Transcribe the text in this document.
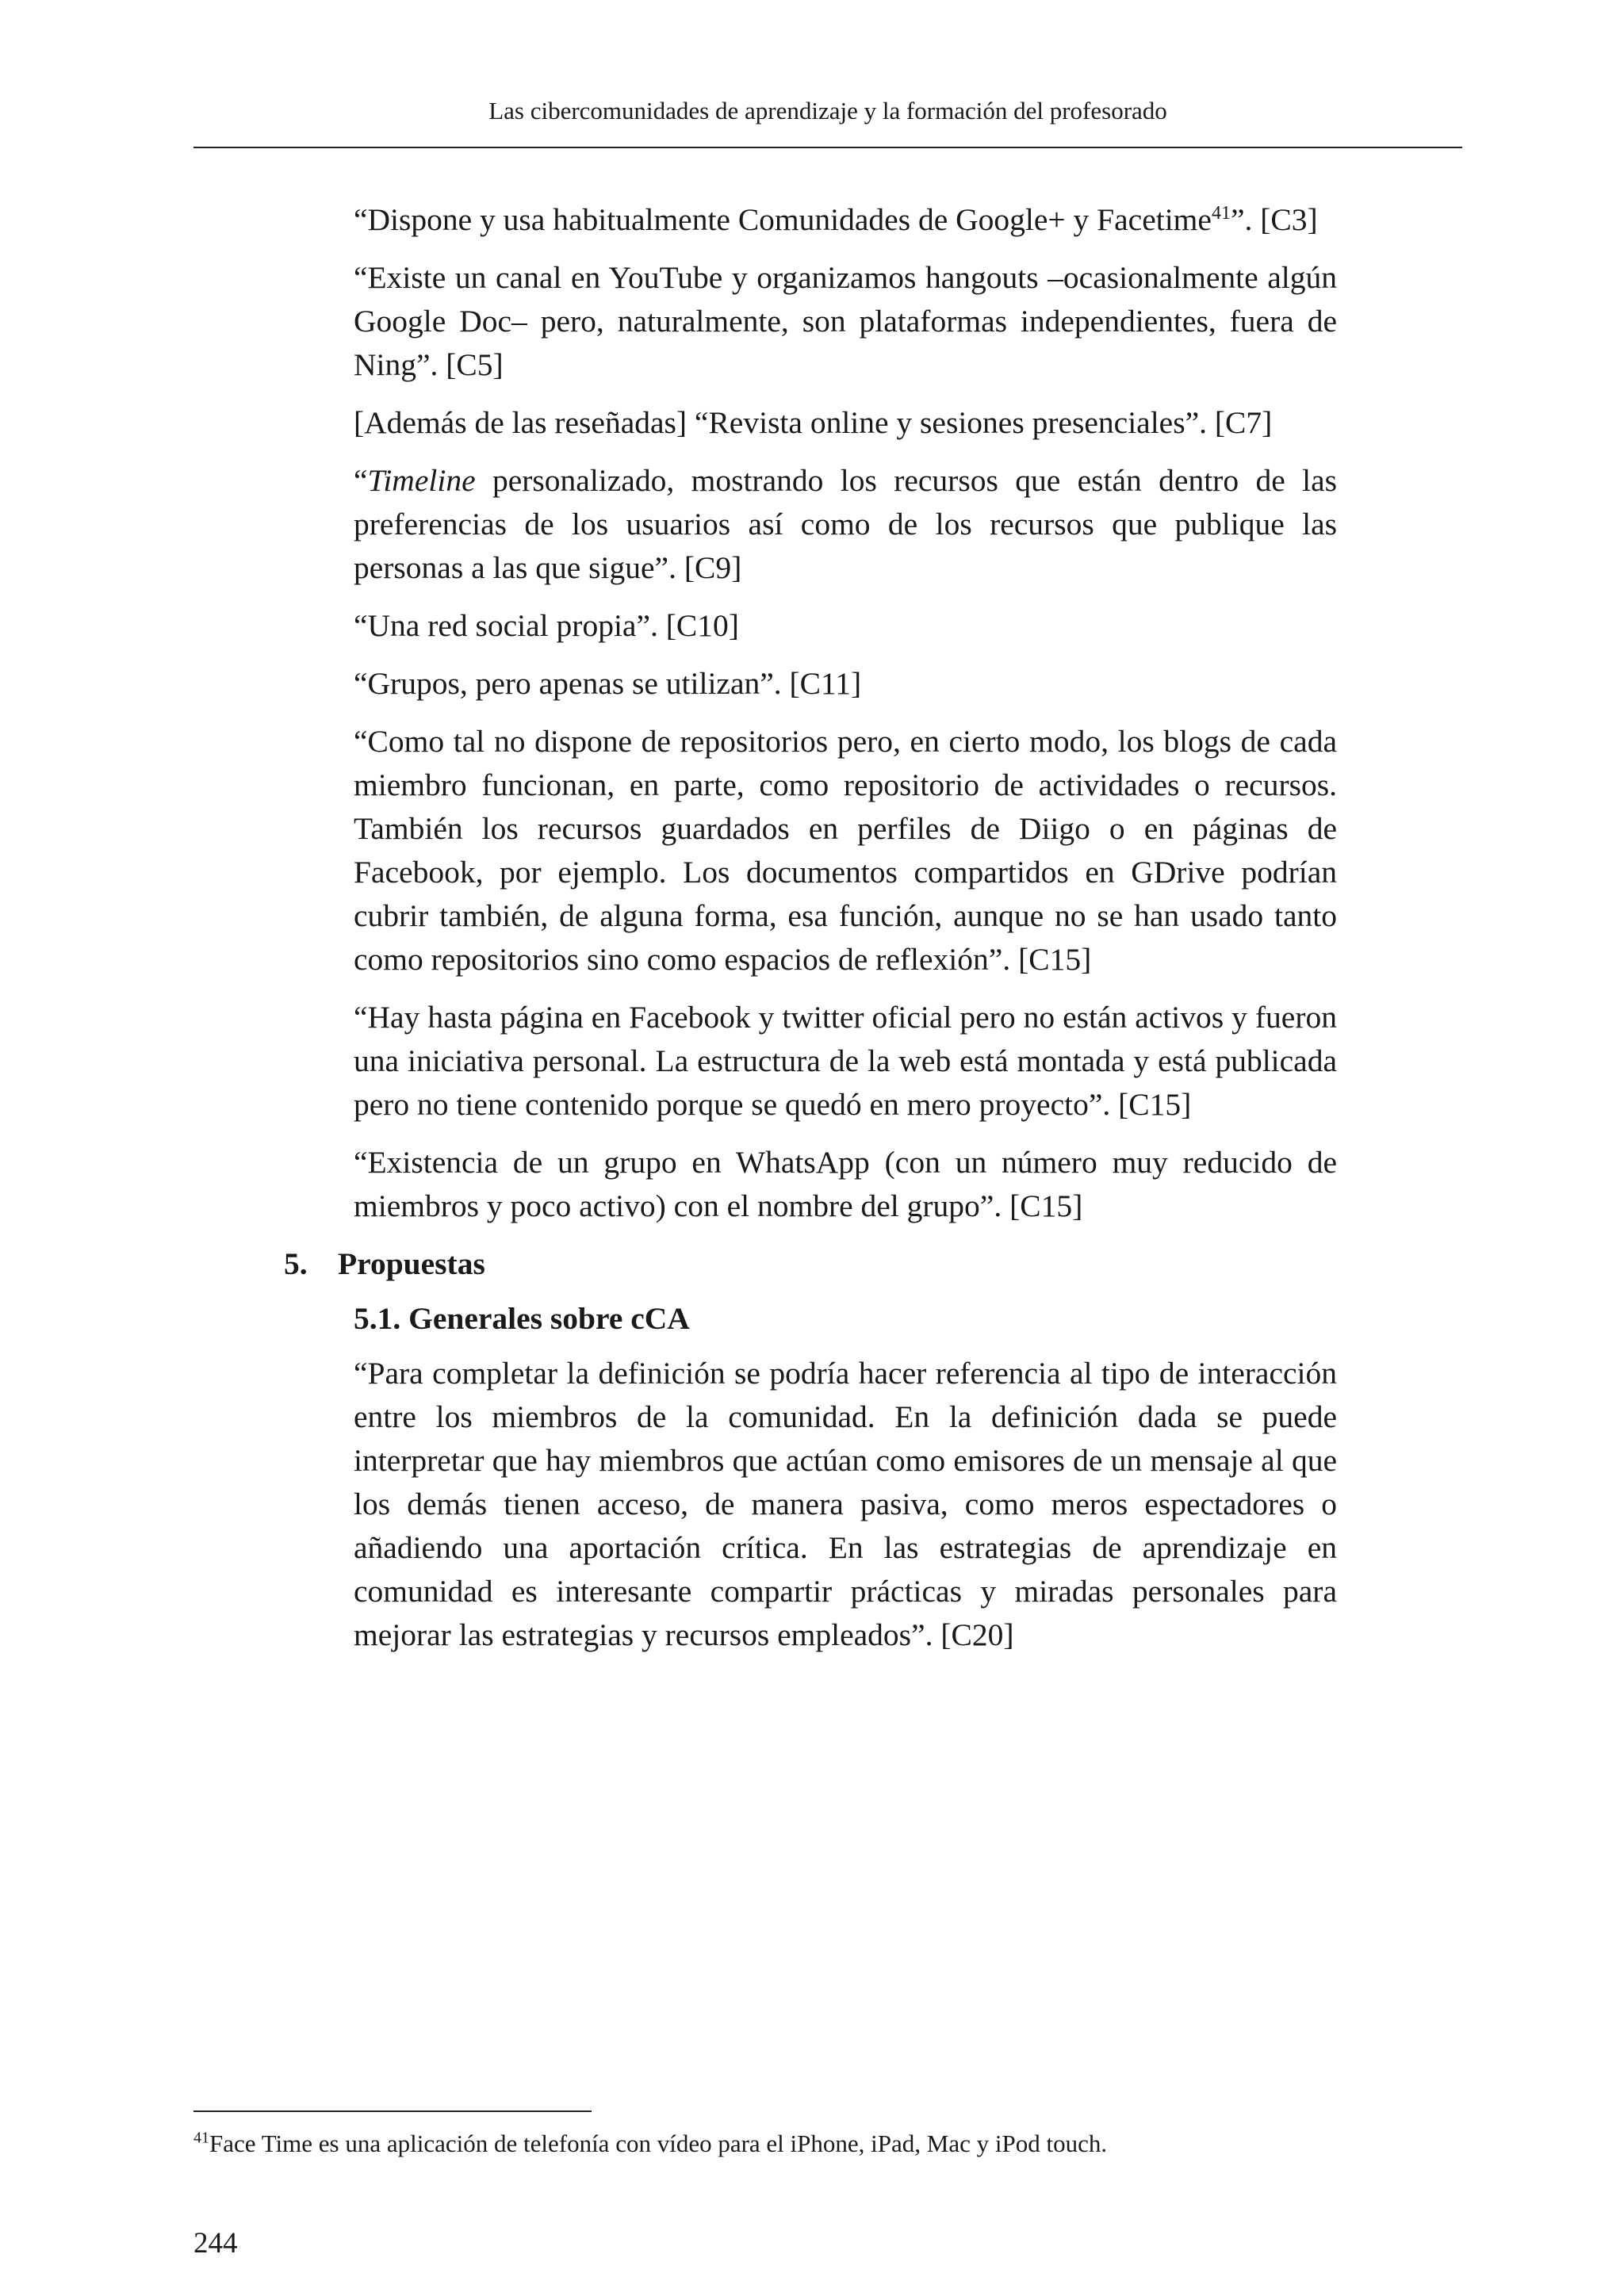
Las cibercomunidades de aprendizaje y la formación del profesorado

“Dispone y usa habitualmente Comunidades de Google+ y Facetime$^{41}$”. [C3]

“Existe un canal en YouTube y organizamos hangouts –ocasionalmente algún Google Doc– pero, naturalmente, son plataformas independientes, fuera de Ning”. [C5]

[Además de las reseñadas] “Revista online y sesiones presenciales”. [C7]

“Timeline personalizado, mostrando los recursos que están dentro de las preferencias de los usuarios así como de los recursos que publique las personas a las que sigue”. [C9]

“Una red social propia”. [C10]

“Grupos, pero apenas se utilizan”. [C11]

“Como tal no dispone de repositorios pero, en cierto modo, los blogs de cada miembro funcionan, en parte, como repositorio de actividades o recursos. También los recursos guardados en perfiles de Diigo o en páginas de Facebook, por ejemplo. Los documentos compartidos en GDrive podrían cubrir también, de alguna forma, esa función, aunque no se han usado tanto como repositorios sino como espacios de reflexión”. [C15]

“Hay hasta página en Facebook y twitter oficial pero no están activos y fueron una iniciativa personal. La estructura de la web está montada y está publicada pero no tiene contenido porque se quedó en mero proyecto”. [C15]

“Existencia de un grupo en WhatsApp (con un número muy reducido de miembros y poco activo) con el nombre del grupo”. [C15]

5. Propuestas
5.1. Generales sobre cCA

“Para completar la definición se podría hacer referencia al tipo de interacción entre los miembros de la comunidad. En la definición dada se puede interpretar que hay miembros que actúan como emisores de un mensaje al que los demás tienen acceso, de manera pasiva, como meros espectadores o añadiendo una aportación crítica. En las estrategias de aprendizaje en comunidad es interesante compartir prácticas y miradas personales para mejorar las estrategias y recursos empleados”. [C20]

$^{41}$Face Time es una aplicación de telefonía con vídeo para el iPhone, iPad, Mac y iPod touch.
244
